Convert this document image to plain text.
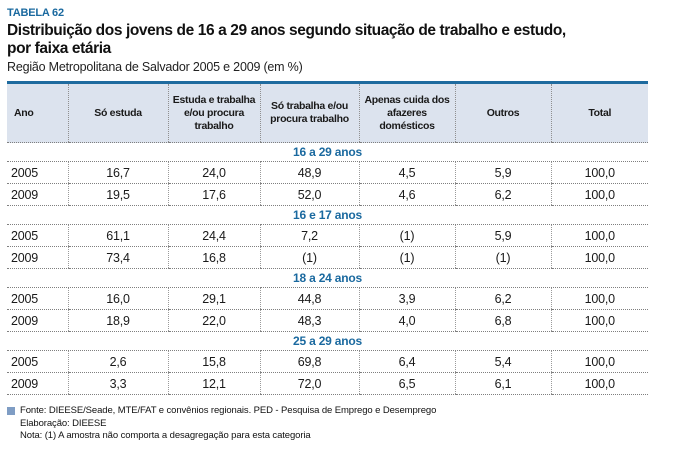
TABELA 62
Distribuição dos jovens de 16 a 29 anos segundo situação de trabalho e estudo,
por faixa etária
Região Metropolitana de Salvador 2005 e 2009 (em %)
Ano	Só estuda	Estuda e trabalha e/ou procura trabalho	Só trabalha e/ou procura trabalho	Apenas cuida dos afazeres domésticos	Outros	Total
16 a 29 anos						
2005	16,7	24,0	48,9	4,5	5,9	100,0
2009	19,5	17,6	52,0	4,6	6,2	100,0
16 e 17 anos						
2005	61,1	24,4	7,2	(1)	5,9	100,0
2009	73,4	16,8	(1)	(1)	(1)	100,0
18 a 24 anos						
2005	16,0	29,1	44,8	3,9	6,2	100,0
2009	18,9	22,0	48,3	4,0	6,8	100,0
25 a 29 anos						
2005	2,6	15,8	69,8	6,4	5,4	100,0
2009	3,3	12,1	72,0	6,5	6,1	100,0
Fonte: DIEESE/Seade, MTE/FAT e convênios regionais. PED - Pesquisa de Emprego e Desemprego
Elaboração: DIEESE
Nota: (1) A amostra não comporta a desagregação para esta categoria
